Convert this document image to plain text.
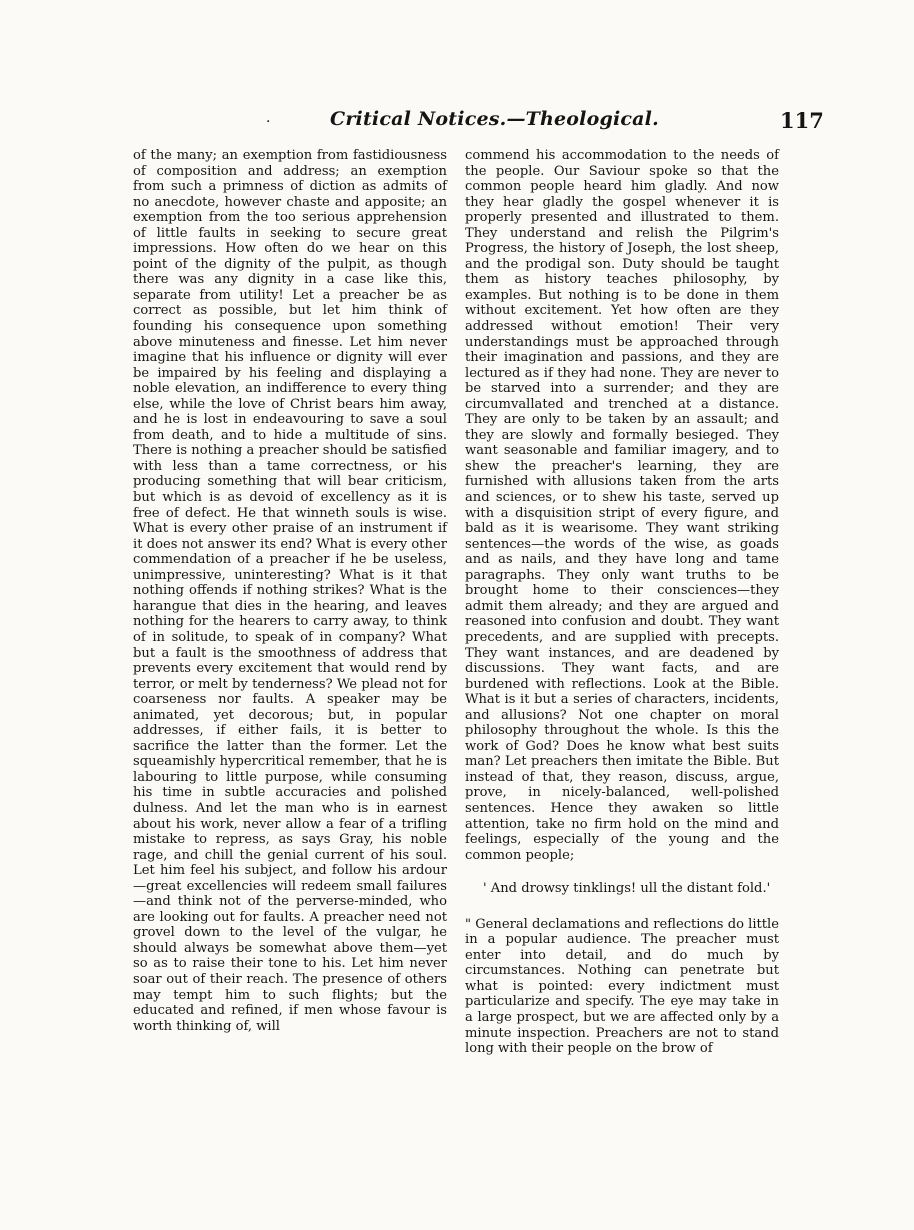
·	Critical Notices.—Theological.	117

of the many; an exemption from fastidiousness of composition and address; an exemption from such a primness of diction as admits of no anecdote, however chaste and apposite; an exemption from the too serious apprehension of little faults in seeking to secure great impressions. How often do we hear on this point of the dignity of the pulpit, as though there was any dignity in a case like this, separate from utility! Let a preacher be as correct as possible, but let him think of founding his consequence upon something above minuteness and finesse. Let him never imagine that his influence or dignity will ever be impaired by his feeling and displaying a noble elevation, an indifference to every thing else, while the love of Christ bears him away, and he is lost in endeavouring to save a soul from death, and to hide a multitude of sins. There is nothing a preacher should be satisfied with less than a tame correctness, or his producing something that will bear criticism, but which is as devoid of excellency as it is free of defect. He that winneth souls is wise. What is every other praise of an instrument if it does not answer its end? What is every other commendation of a preacher if he be useless, unimpressive, uninteresting? What is it that nothing offends if nothing strikes? What is the harangue that dies in the hearing, and leaves nothing for the hearers to carry away, to think of in solitude, to speak of in company? What but a fault is the smoothness of address that prevents every excitement that would rend by terror, or melt by tenderness? We plead not for coarseness nor faults. A speaker may be animated, yet decorous; but, in popular addresses, if either fails, it is better to sacrifice the latter than the former. Let the squeamishly hypercritical remember, that he is labouring to little purpose, while consuming his time in subtle accuracies and polished dulness. And let the man who is in earnest about his work, never allow a fear of a trifling mistake to repress, as says Gray, his noble rage, and chill the genial current of his soul. Let him feel his subject, and follow his ardour—great excellencies will redeem small failures—and think not of the perverse-minded, who are looking out for faults. A preacher need not grovel down to the level of the vulgar, he should always be somewhat above them—yet so as to raise their tone to his. Let him never soar out of their reach. The presence of others may tempt him to such flights; but the educated and refined, if men whose favour is worth thinking of, will

commend his accommodation to the needs of the people. Our Saviour spoke so that the common people heard him gladly. And now they hear gladly the gospel whenever it is properly presented and illustrated to them. They understand and relish the Pilgrim's Progress, the history of Joseph, the lost sheep, and the prodigal son. Duty should be taught them as history teaches philosophy, by examples. But nothing is to be done in them without excitement. Yet how often are they addressed without emotion! Their very understandings must be approached through their imagination and passions, and they are lectured as if they had none. They are never to be starved into a surrender; and they are circumvallated and trenched at a distance. They are only to be taken by an assault; and they are slowly and formally besieged. They want seasonable and familiar imagery, and to shew the preacher's learning, they are furnished with allusions taken from the arts and sciences, or to shew his taste, served up with a disquisition stript of every figure, and bald as it is wearisome. They want striking sentences—the words of the wise, as goads and as nails, and they have long and tame paragraphs. They only want truths to be brought home to their consciences—they admit them already; and they are argued and reasoned into confusion and doubt. They want precedents, and are supplied with precepts. They want instances, and are deadened by discussions. They want facts, and are burdened with reflections. Look at the Bible. What is it but a series of characters, incidents, and allusions? Not one chapter on moral philosophy throughout the whole. Is this the work of God? Does he know what best suits man? Let preachers then imitate the Bible. But instead of that, they reason, discuss, argue, prove, in nicely-balanced, well-polished sentences. Hence they awaken so little attention, take no firm hold on the mind and feelings, especially of the young and the common people;

' And drowsy tinklings! ull the distant fold.'

" General declamations and reflections do little in a popular audience. The preacher must enter into detail, and do much by circumstances. Nothing can penetrate but what is pointed: every indictment must particularize and specify. The eye may take in a large prospect, but we are affected only by a minute inspection. Preachers are not to stand long with their people on the brow of
